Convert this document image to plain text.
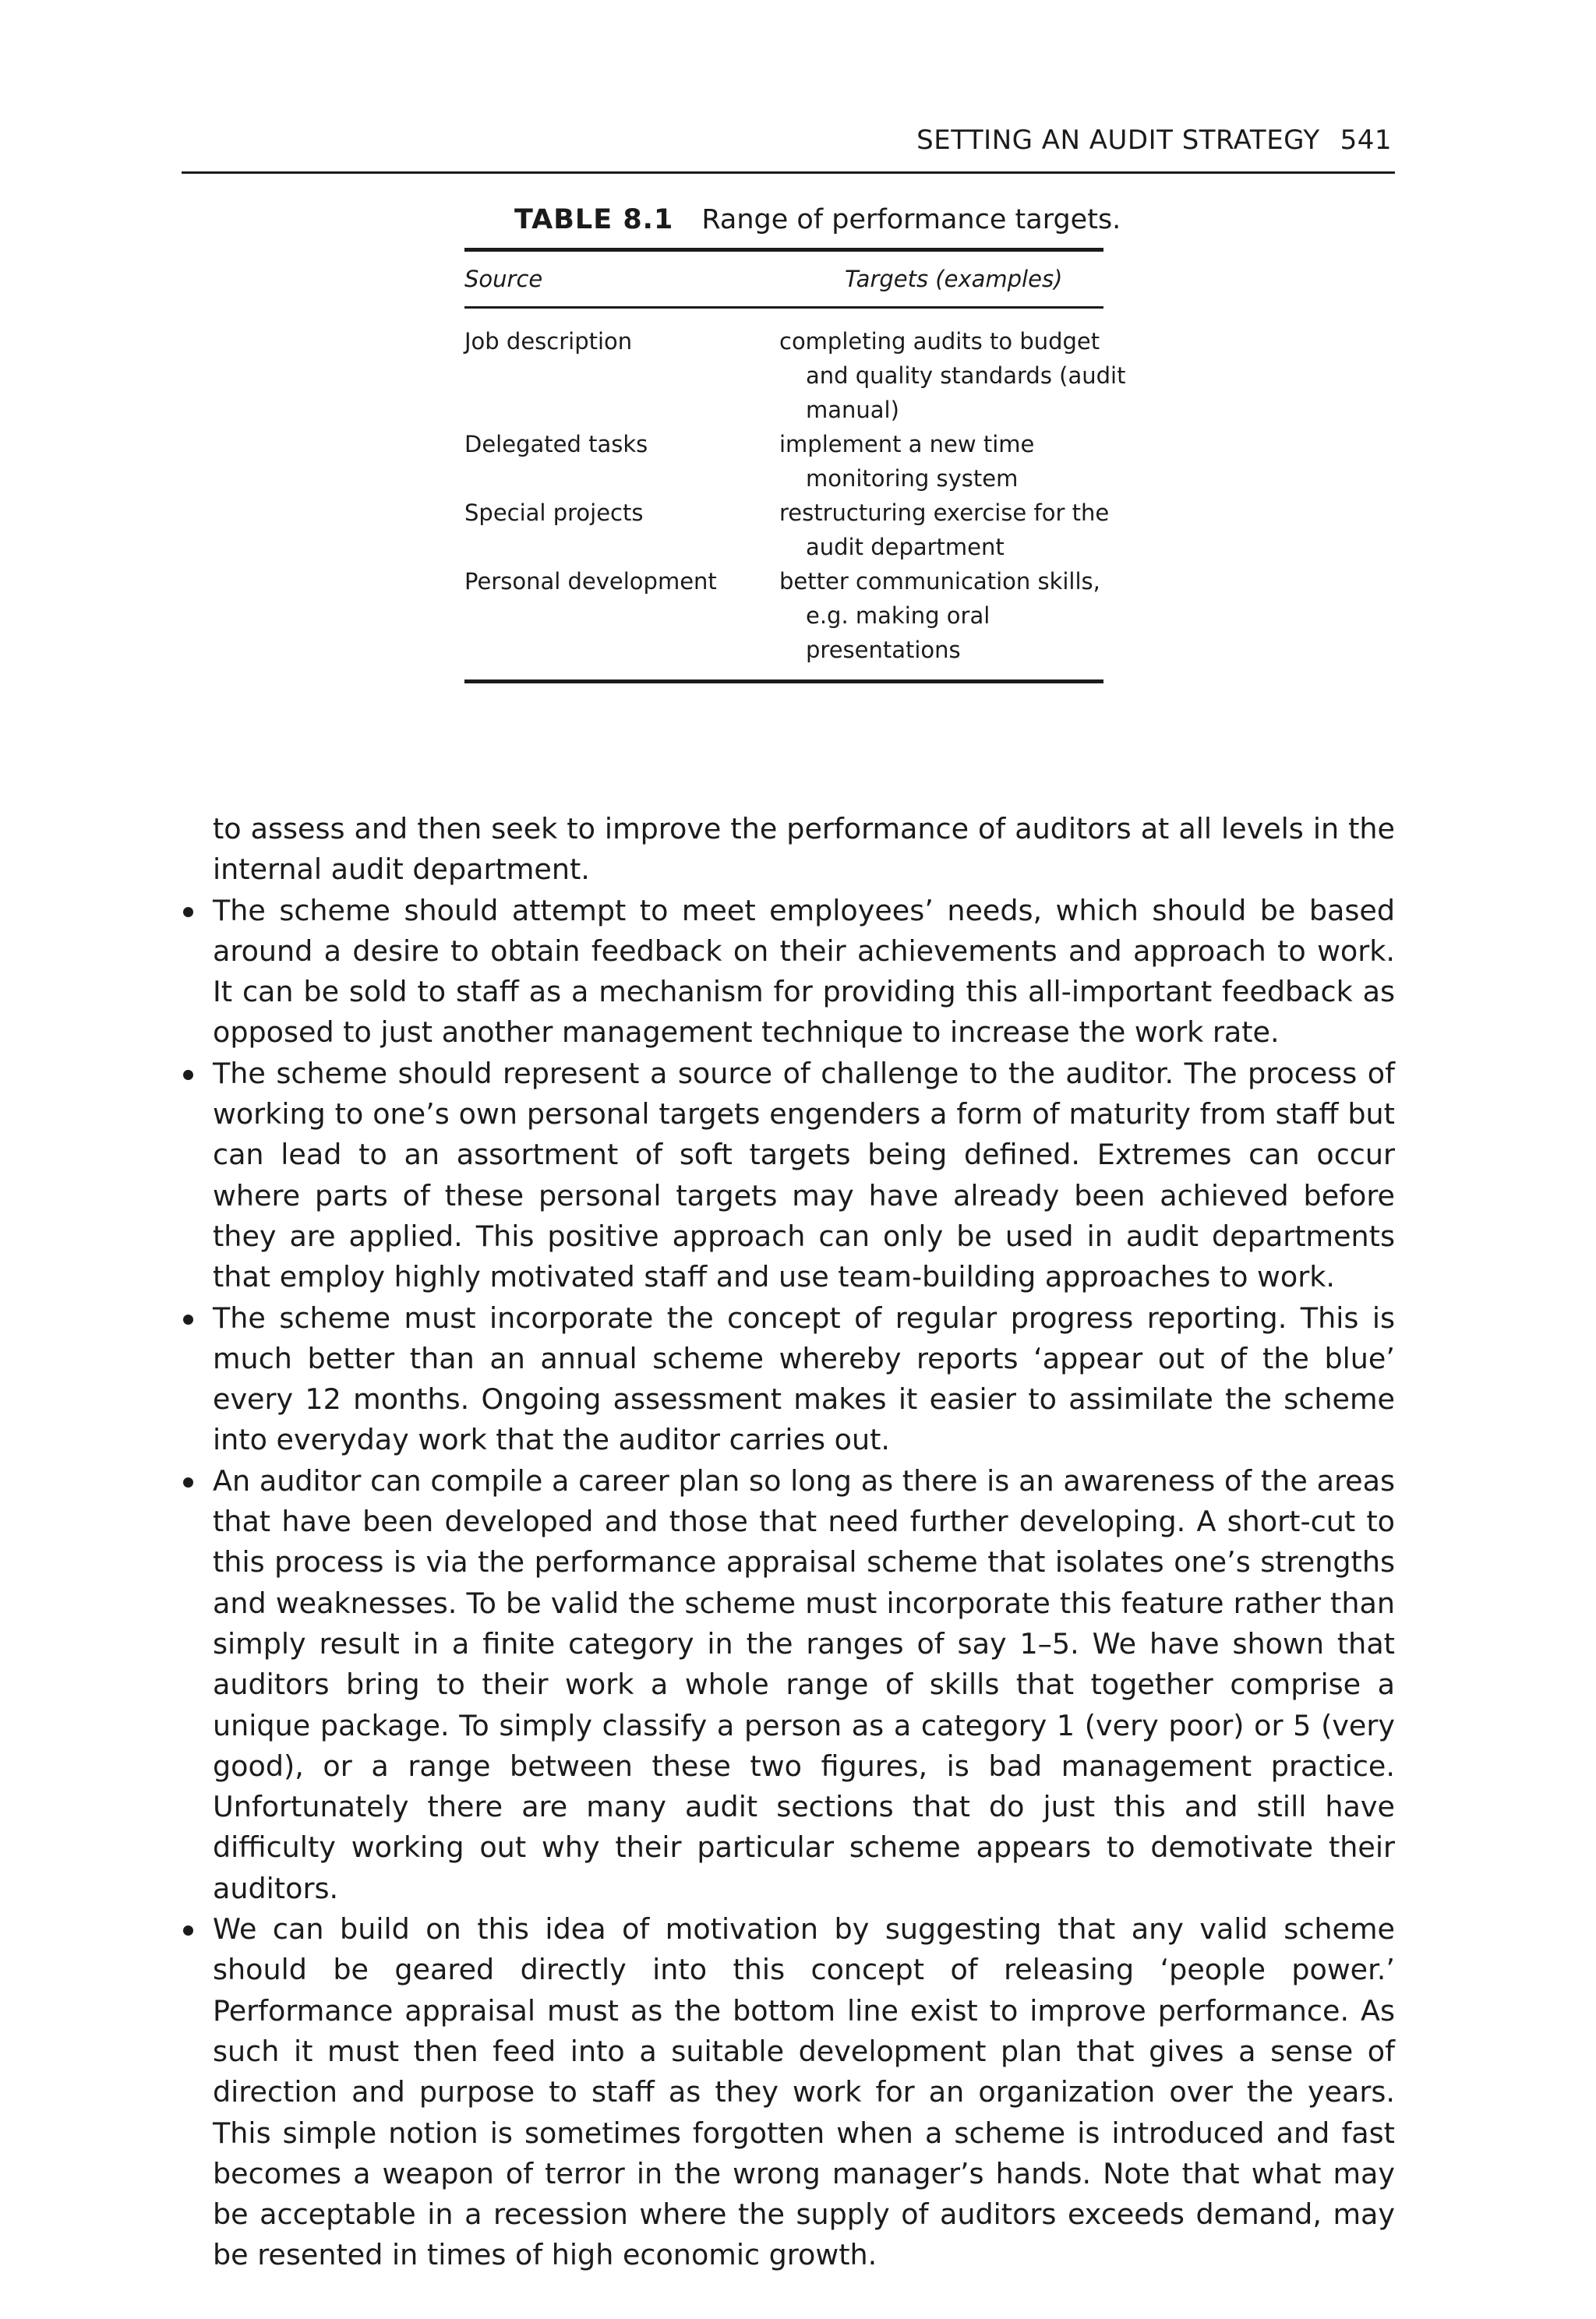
SETTING AN AUDIT STRATEGY 541
TABLE 8.1 Range of performance targets.
Source	Targets (examples)
Job description	completing audits to budget
and quality standards (audit
manual)
Delegated tasks	implement a new time
monitoring system
Special projects	restructuring exercise for the
audit department
Personal development	better communication skills,
e.g. making oral
presentations
to assess and then seek to improve the performance of auditors at all levels in the internal audit department.
The scheme should attempt to meet employees’ needs, which should be based around a desire to obtain feedback on their achievements and approach to work. It can be sold to staff as a mechanism for providing this all-important feedback as opposed to just another management technique to increase the work rate.
The scheme should represent a source of challenge to the auditor. The process of working to one’s own personal targets engenders a form of maturity from staff but can lead to an assortment of soft targets being defined. Extremes can occur where parts of these personal targets may have already been achieved before they are applied. This positive approach can only be used in audit departments that employ highly motivated staff and use team-building approaches to work.
The scheme must incorporate the concept of regular progress reporting. This is much better than an annual scheme whereby reports ‘appear out of the blue’ every 12 months. Ongoing assessment makes it easier to assimilate the scheme into everyday work that the auditor carries out.
An auditor can compile a career plan so long as there is an awareness of the areas that have been developed and those that need further developing. A short-cut to this process is via the performance appraisal scheme that isolates one’s strengths and weaknesses. To be valid the scheme must incorporate this feature rather than simply result in a finite category in the ranges of say 1–5. We have shown that auditors bring to their work a whole range of skills that together comprise a unique package. To simply classify a person as a category 1 (very poor) or 5 (very good), or a range between these two figures, is bad management practice. Unfortunately there are many audit sections that do just this and still have difficulty working out why their particular scheme appears to demotivate their auditors.
We can build on this idea of motivation by suggesting that any valid scheme should be geared directly into this concept of releasing ‘people power.’ Performance appraisal must as the bottom line exist to improve performance. As such it must then feed into a suitable development plan that gives a sense of direction and purpose to staff as they work for an organization over the years. This simple notion is sometimes forgotten when a scheme is introduced and fast becomes a weapon of terror in the wrong manager’s hands. Note that what may be acceptable in a recession where the supply of auditors exceeds demand, may be resented in times of high economic growth.
